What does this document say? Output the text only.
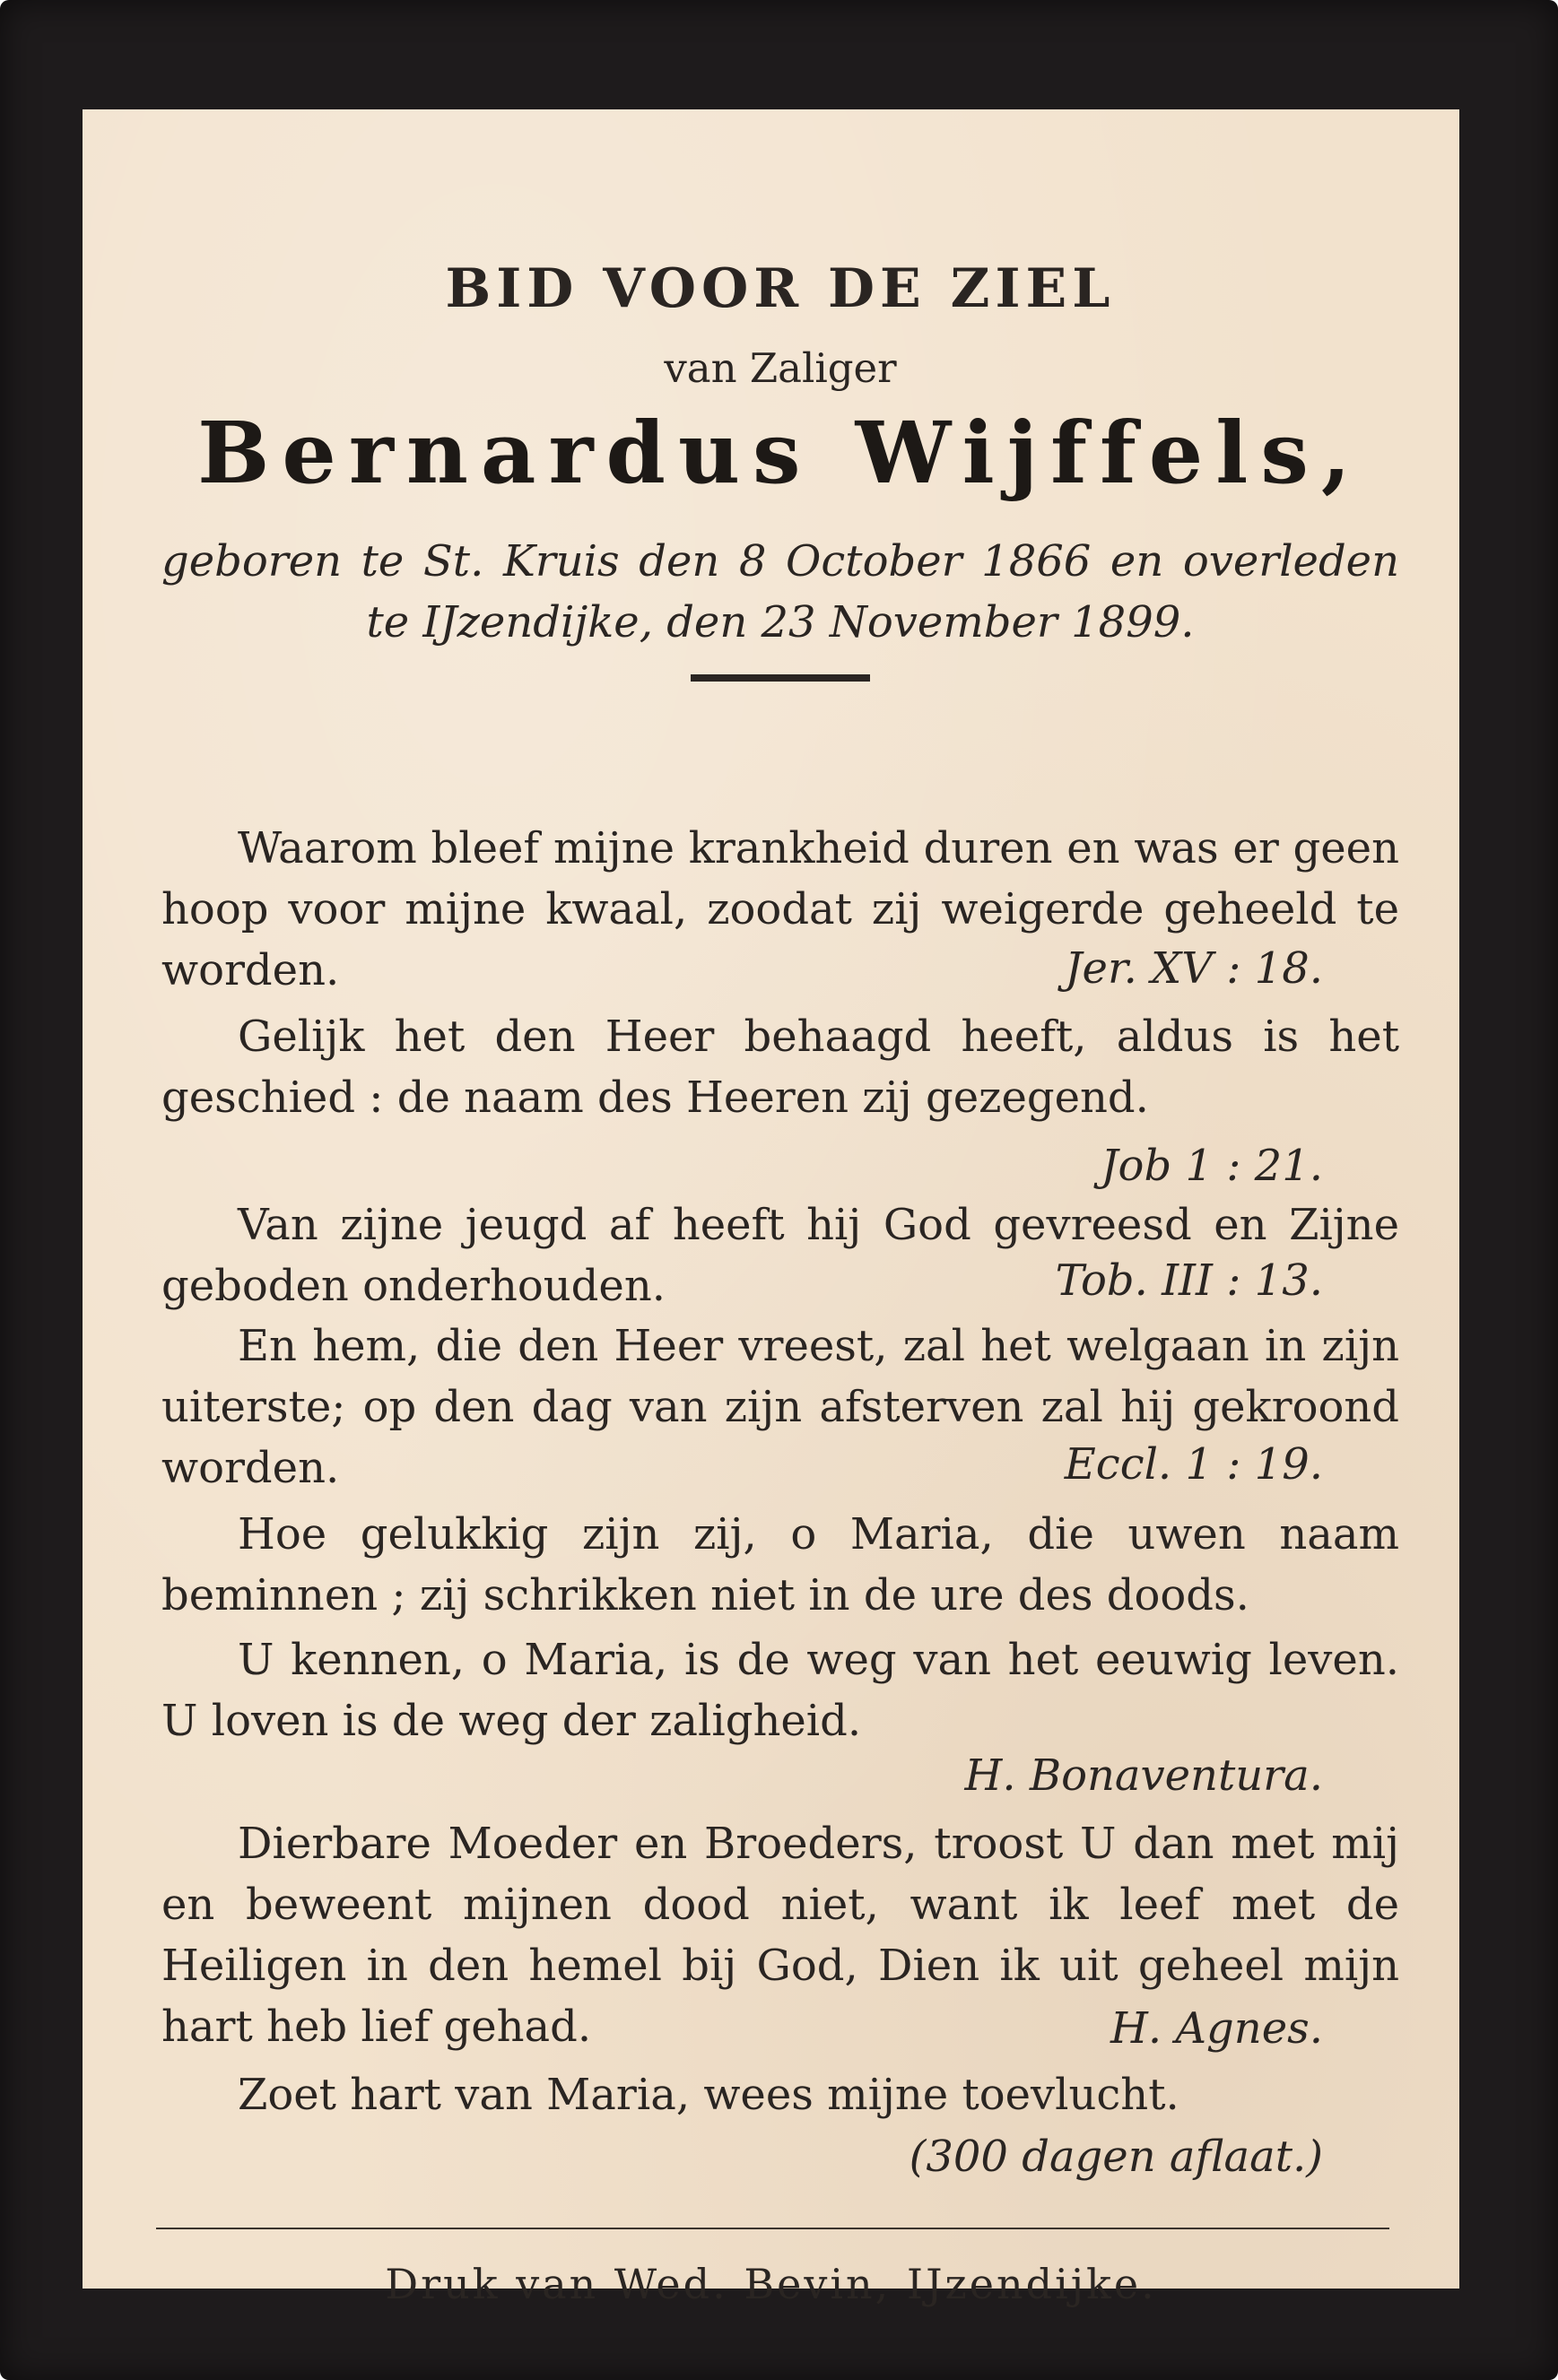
BID VOOR DE ZIEL
van Zaliger
Bernardus Wijffels,
geboren te St. Kruis den 8 October 1866 en overleden te IJzendijke, den 23 November 1899.
Waarom bleef mijne krankheid duren en was er geen hoop voor mijne kwaal, zoodat zij weigerde geheeld te worden.	Jer. XV : 18.
Gelijk het den Heer behaagd heeft, aldus is het geschied : de naam des Heeren zij gezegend.
Job 1 : 21.
Van zijne jeugd af heeft hij God gevreesd en Zijne geboden onderhouden.	Tob. III : 13.
En hem, die den Heer vreest, zal het welgaan in zijn uiterste; op den dag van zijn afsterven zal hij gekroond worden.	Eccl. 1 : 19.
Hoe gelukkig zijn zij, o Maria, die uwen naam beminnen ; zij schrikken niet in de ure des doods.
U kennen, o Maria, is de weg van het eeuwig leven. U loven is de weg der zaligheid.
H. Bonaventura.
Dierbare Moeder en Broeders, troost U dan met mij en beweent mijnen dood niet, want ik leef met de Heiligen in den hemel bij God, Dien ik uit geheel mijn hart heb lief gehad.	H. Agnes.
Zoet hart van Maria, wees mijne toevlucht.
(300 dagen aflaat.)
Druk van Wed. Bevin, IJzendijke.
